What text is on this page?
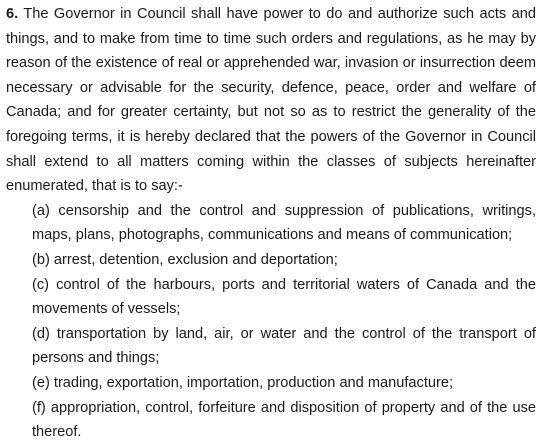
6. The Governor in Council shall have power to do and authorize such acts and things, and to make from time to time such orders and regulations, as he may by reason of the existence of real or apprehended war, invasion or insurrection deem necessary or advisable for the security, defence, peace, order and welfare of Canada; and for greater certainty, but not so as to restrict the generality of the foregoing terms, it is hereby declared that the powers of the Governor in Council shall extend to all matters coming within the classes of subjects hereinafter enumerated, that is to say:-

(a) censorship and the control and suppression of publications, writings, maps, plans, photographs, communications and means of communication;

(b) arrest, detention, exclusion and deportation;

(c) control of the harbours, ports and territorial waters of Canada and the movements of vessels;

(d) transportation by land, air, or water and the control of the transport of persons and things;

(e) trading, exportation, importation, production and manufacture;

(f) appropriation, control, forfeiture and disposition of property and of the use thereof.
